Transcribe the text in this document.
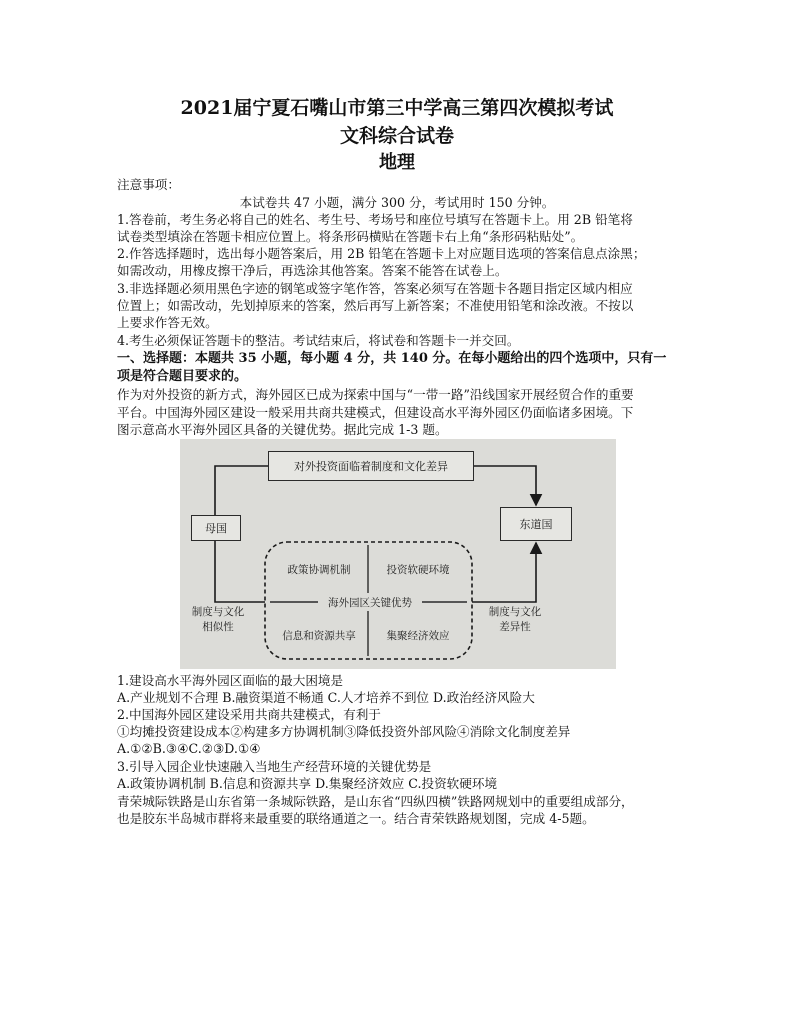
2021届宁夏石嘴山市第三中学高三第四次模拟考试
文科综合试卷
地理
注意事项：
本试卷共 47 小题，满分 300 分，考试用时 150 分钟。
1.答卷前，考生务必将自己的姓名、考生号、考场号和座位号填写在答题卡上。用 2B 铅笔将
试卷类型填涂在答题卡相应位置上。将条形码横贴在答题卡右上角“条形码粘贴处”。
2.作答选择题时，选出每小题答案后，用 2B 铅笔在答题卡上对应题目选项的答案信息点涂黑；
如需改动，用橡皮擦干净后，再选涂其他答案。答案不能答在试卷上。
3.非选择题必须用黑色字迹的钢笔或签字笔作答，答案必须写在答题卡各题目指定区域内相应
位置上；如需改动，先划掉原来的答案，然后再写上新答案；不准使用铅笔和涂改液。不按以
上要求作答无效。
4.考生必须保证答题卡的整洁。考试结束后，将试卷和答题卡一并交回。
一、选择题：本题共 35 小题，每小题 4 分，共 140 分。在每小题给出的四个选项中，只有一
项是符合题目要求的。
作为对外投资的新方式，海外园区已成为探索中国与“一带一路”沿线国家开展经贸合作的重要
平台。中国海外园区建设一般采用共商共建模式，但建设高水平海外园区仍面临诸多困境。下
图示意高水平海外园区具备的关键优势。据此完成 1-3 题。
对外投资面临着制度和文化差异
母国	东道国
政策协调机制	投资软硬环境
信息和资源共享	集聚经济效应
海外园区关键优势
制度与文化
相似性
制度与文化
差异性
1.建设高水平海外园区面临的最大困境是
A.产业规划不合理 B.融资渠道不畅通 C.人才培养不到位 D.政治经济风险大
2.中国海外园区建设采用共商共建模式，有利于
①均摊投资建设成本②构建多方协调机制③降低投资外部风险④消除文化制度差异
A.①②B.③④C.②③D.①④
3.引导入园企业快速融入当地生产经营环境的关键优势是
A.政策协调机制 B.信息和资源共享 D.集聚经济效应 C.投资软硬环境
青荣城际铁路是山东省第一条城际铁路，是山东省“四纵四横”铁路网规划中的重要组成部分，
也是胶东半岛城市群将来最重要的联络通道之一。结合青荣铁路规划图，完成 4-5题。
